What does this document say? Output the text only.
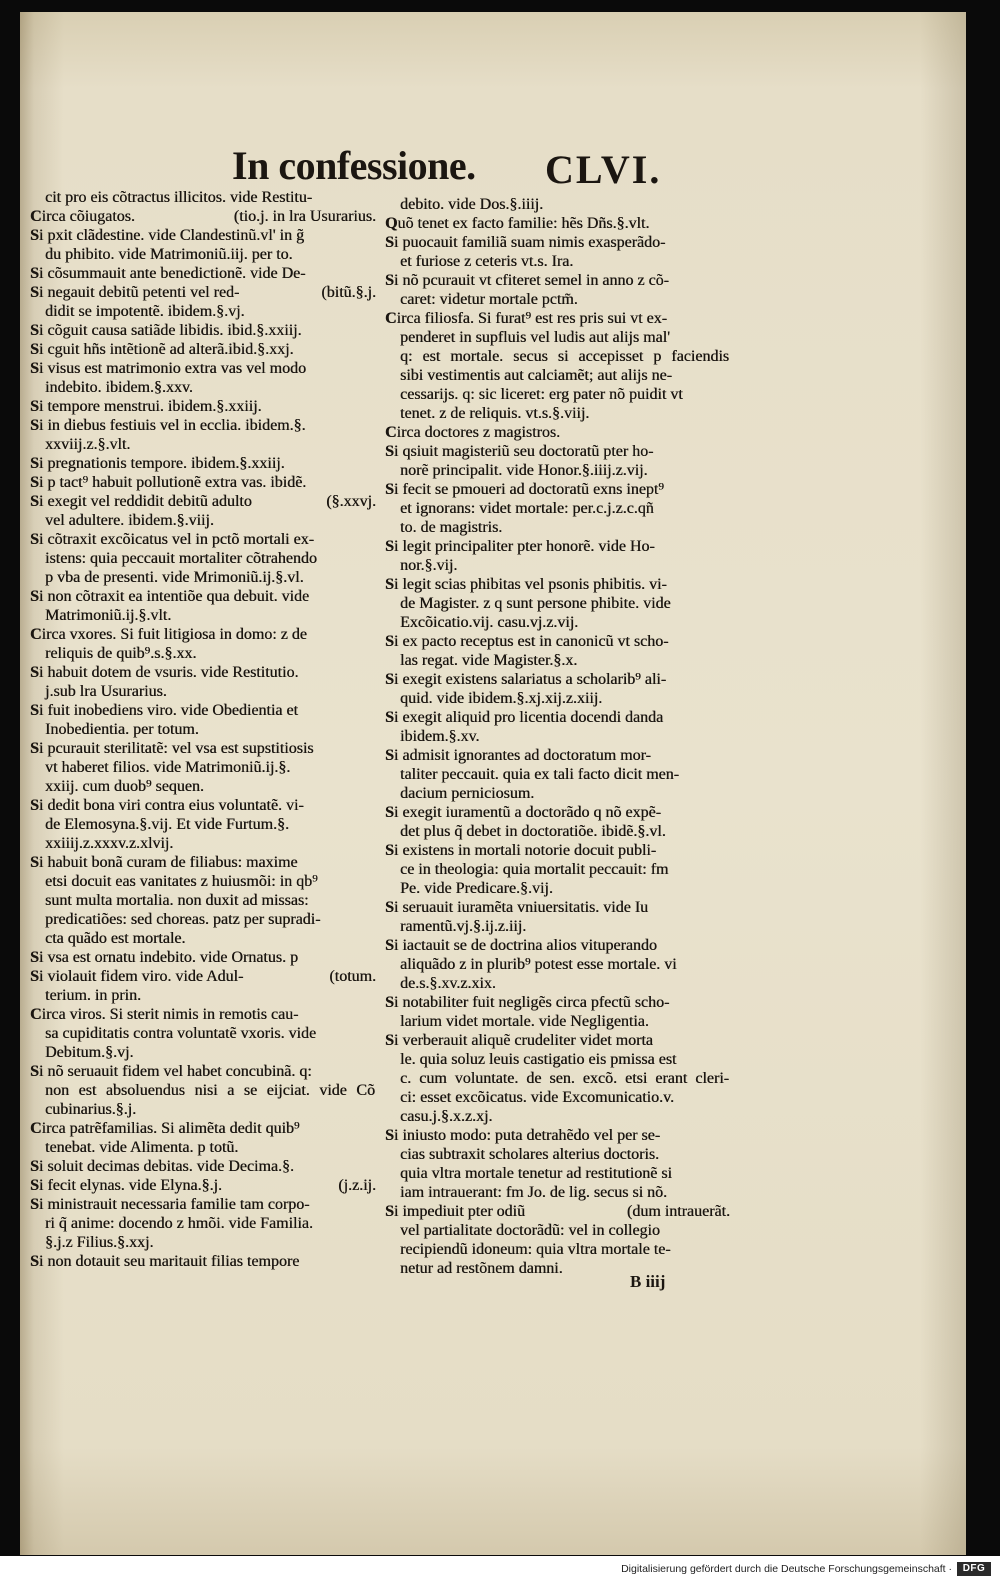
In confessione. CLVI.
cit pro eis cõtractus illicitos. vide Restitu-
Circa cõiugatos.	(tio.j. in lra Usurarius.
Si pxit clãdestine. vide Clandestinũ.vl' in g̃
du phibito. vide Matrimoniũ.iij. per to.
Si cõsummauit ante benedictionẽ. vide De-
Si negauit debitũ petenti vel red-	(bitũ.§.j.
didit se impotentẽ. ibidem.§.vj.
Si cõguit causa satiãde libidis. ibid.§.xxiij.
Si cguit hñs intẽtionẽ ad alterã.ibid.§.xxj.
Si visus est matrimonio extra vas vel modo
indebito. ibidem.§.xxv.
Si tempore menstrui. ibidem.§.xxiij.
Si in diebus festiuis vel in ecclia. ibidem.§.
xxviij.z.§.vlt.
Si pregnationis tempore. ibidem.§.xxiij.
Si p tact⁹ habuit pollutionẽ extra vas. ibidẽ.
Si exegit vel reddidit debitũ adulto	(§.xxvj.
vel adultere. ibidem.§.viij.
Si cõtraxit excõicatus vel in pctõ mortali ex-
istens: quia peccauit mortaliter cõtrahendo
p vba de presenti. vide Mrimoniũ.ij.§.vl.
Si non cõtraxit ea intentiõe qua debuit. vide
Matrimoniũ.ij.§.vlt.
Circa vxores. Si fuit litigiosa in domo: z de
reliquis de quib⁹.s.§.xx.
Si habuit dotem de vsuris. vide Restitutio.
j.sub lra Usurarius.
Si fuit inobediens viro. vide Obedientia et
Inobedientia. per totum.
Si pcurauit sterilitatẽ: vel vsa est supstitiosis
vt haberet filios. vide Matrimoniũ.ij.§.
xxiij. cum duob⁹ sequen.
Si dedit bona viri contra eius voluntatẽ. vi-
de Elemosyna.§.vij. Et vide Furtum.§.
xxiiij.z.xxxv.z.xlvij.
Si habuit bonã curam de filiabus: maxime
etsi docuit eas vanitates z huiusmõi: in qb⁹
sunt multa mortalia. non duxit ad missas:
predicatiões: sed choreas. patz per supradi-
cta quãdo est mortale.
Si vsa est ornatu indebito. vide Ornatus. p
Si violauit fidem viro. vide Adul-	(totum.
terium. in prin.
Circa viros. Si sterit nimis in remotis cau-
sa cupiditatis contra voluntatẽ vxoris. vide
Debitum.§.vj.
Si nõ seruauit fidem vel habet concubinã. q:
non est absoluendus nisi a se eijciat. vide Cõ
cubinarius.§.j.
Circa patrẽfamilias. Si alimẽta dedit quib⁹
tenebat. vide Alimenta. p totũ.
Si soluit decimas debitas. vide Decima.§.
Si fecit elynas. vide Elyna.§.j.	(j.z.ij.
Si ministrauit necessaria familie tam corpo-
ri q̃ anime: docendo z hmõi. vide Familia.
§.j.z Filius.§.xxj.
Si non dotauit seu maritauit filias tempore
debito. vide Dos.§.iiij.
Quõ tenet ex facto familie: hẽs Dñs.§.vlt.
Si puocauit familiã suam nimis exasperãdo-
et furiose z ceteris vt.s. Ira.
Si nõ pcurauit vt cfiteret semel in anno z cõ-
caret: videtur mortale pctm̃.
Circa filiosfa. Si furat⁹ est res pris sui vt ex-
penderet in supfluis vel ludis aut alijs mal'
q: est mortale. secus si accepisset p faciendis
sibi vestimentis aut calciamẽt; aut alijs ne-
cessarijs. q: sic liceret: erg pater nõ puidit vt
tenet. z de reliquis. vt.s.§.viij.
Circa doctores z magistros.
Si qsiuit magisteriũ seu doctoratũ pter ho-
norẽ principalit. vide Honor.§.iiij.z.vij.
Si fecit se pmoueri ad doctoratũ exns inept⁹
et ignorans: videt mortale: per.c.j.z.c.qñ
to. de magistris.
Si legit principaliter pter honorẽ. vide Ho-
nor.§.vij.
Si legit scias phibitas vel psonis phibitis. vi-
de Magister. z q sunt persone phibite. vide
Excõicatio.vij. casu.vj.z.vij.
Si ex pacto receptus est in canonicũ vt scho-
las regat. vide Magister.§.x.
Si exegit existens salariatus a scholarib⁹ ali-
quid. vide ibidem.§.xj.xij.z.xiij.
Si exegit aliquid pro licentia docendi danda
ibidem.§.xv.
Si admisit ignorantes ad doctoratum mor-
taliter peccauit. quia ex tali facto dicit men-
dacium perniciosum.
Si exegit iuramentũ a doctorãdo q nõ expẽ-
det plus q̃ debet in doctoratiõe. ibidẽ.§.vl.
Si existens in mortali notorie docuit publi-
ce in theologia: quia mortalit peccauit: fm
Pe. vide Predicare.§.vij.
Si seruauit iuramẽta vniuersitatis. vide Iu
ramentũ.vj.§.ij.z.iij.
Si iactauit se de doctrina alios vituperando
aliquãdo z in plurib⁹ potest esse mortale. vi
de.s.§.xv.z.xix.
Si notabiliter fuit negligẽs circa pfectũ scho-
larium videt mortale. vide Negligentia.
Si verberauit aliquẽ crudeliter videt morta
le. quia soluz leuis castigatio eis pmissa est
c. cum voluntate. de sen. excõ. etsi erant cleri-
ci: esset excõicatus. vide Excomunicatio.v.
casu.j.§.x.z.xj.
Si iniusto modo: puta detrahẽdo vel per se-
cias subtraxit scholares alterius doctoris.
quia vltra mortale tenetur ad restitutionẽ si
iam intrauerant: fm Jo. de lig. secus si nõ.
Si impediuit pter odiũ	(dum intrauerãt.
vel partialitate doctorãdũ: vel in collegio
recipiendũ idoneum: quia vltra mortale te-
netur ad restõnem damni.
B iiij
Digitalisierung gefördert durch die Deutsche Forschungsgemeinschaft ·	DFG
